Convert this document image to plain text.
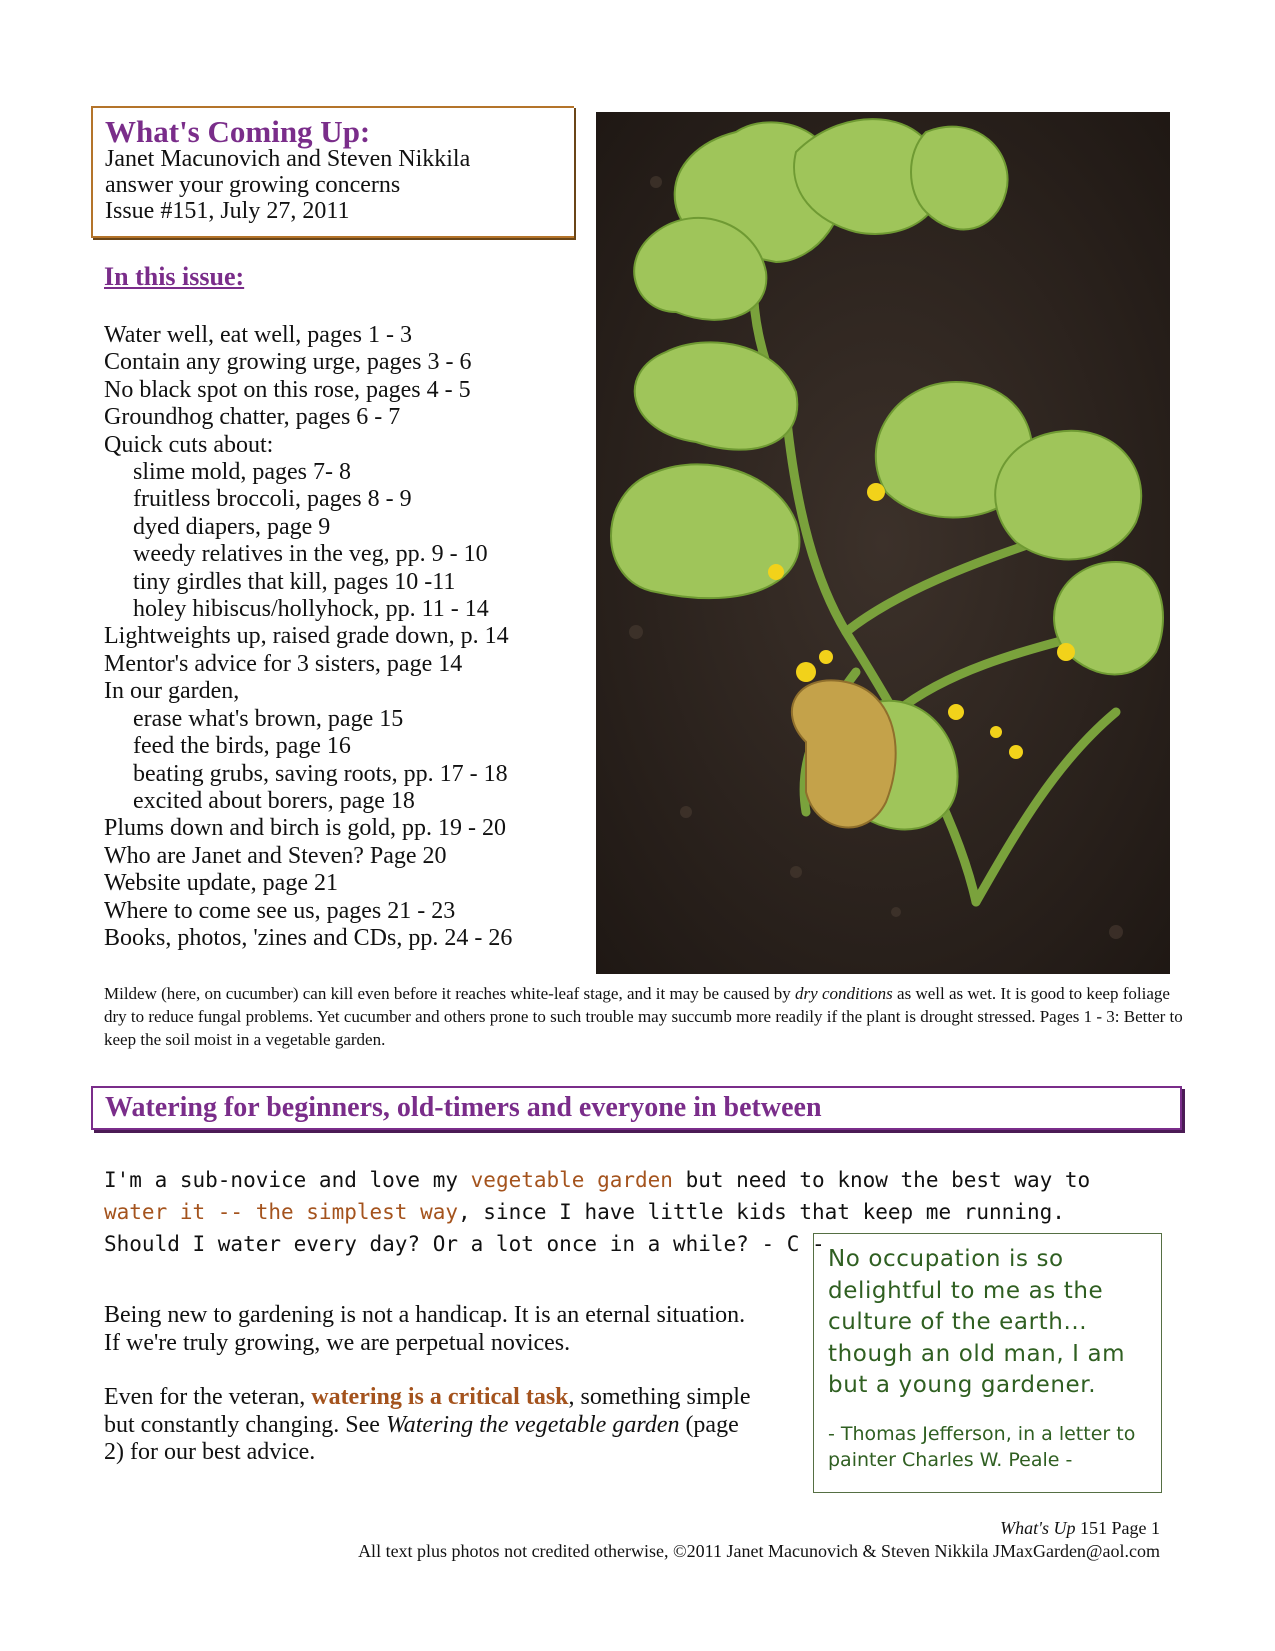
What's Coming Up:
Janet Macunovich and Steven Nikkila
answer your growing concerns
Issue #151, July 27, 2011
In this issue:
Water well, eat well, pages 1 - 3
Contain any growing urge, pages 3 - 6
No black spot on this rose, pages 4 - 5
Groundhog chatter, pages 6 - 7
Quick cuts about:
slime mold, pages 7- 8
fruitless broccoli, pages 8 - 9
dyed diapers, page 9
weedy relatives in the veg, pp. 9 - 10
tiny girdles that kill, pages 10 -11
holey hibiscus/hollyhock, pp. 11 - 14
Lightweights up, raised grade down, p. 14
Mentor's advice for 3 sisters, page 14
In our garden,
erase what's brown, page 15
feed the birds, page 16
beating grubs, saving roots, pp. 17 - 18
excited about borers, page 18
Plums down and birch is gold, pp. 19 - 20
Who are Janet and Steven? Page 20
Website update, page 21
Where to come see us, pages 21 - 23
Books, photos, 'zines and CDs, pp. 24 - 26
Mildew (here, on cucumber) can kill even before it reaches white-leaf stage, and it may be caused by dry conditions as well as wet. It is good to keep foliage dry to reduce fungal problems. Yet cucumber and others prone to such trouble may succumb more readily if the plant is drought stressed. Pages 1 - 3: Better to keep the soil moist in a vegetable garden.
Watering for beginners, old-timers and everyone in between
I'm a sub-novice and love my vegetable garden but need to know the best way to
water it -- the simplest way, since I have little kids that keep me running.
Should I water every day? Or a lot once in a while? - C -
Being new to gardening is not a handicap. It is an eternal situation. If we're truly growing, we are perpetual novices.
Even for the veteran, watering is a critical task, something simple but constantly changing. See Watering the vegetable garden (page 2) for our best advice.
No occupation is so delightful to me as the culture of the earth... though an old man, I am but a young gardener.
- Thomas Jefferson, in a letter to painter Charles W. Peale -
What's Up 151 Page 1
All text plus photos not credited otherwise, ©2011 Janet Macunovich & Steven Nikkila JMaxGarden@aol.com
